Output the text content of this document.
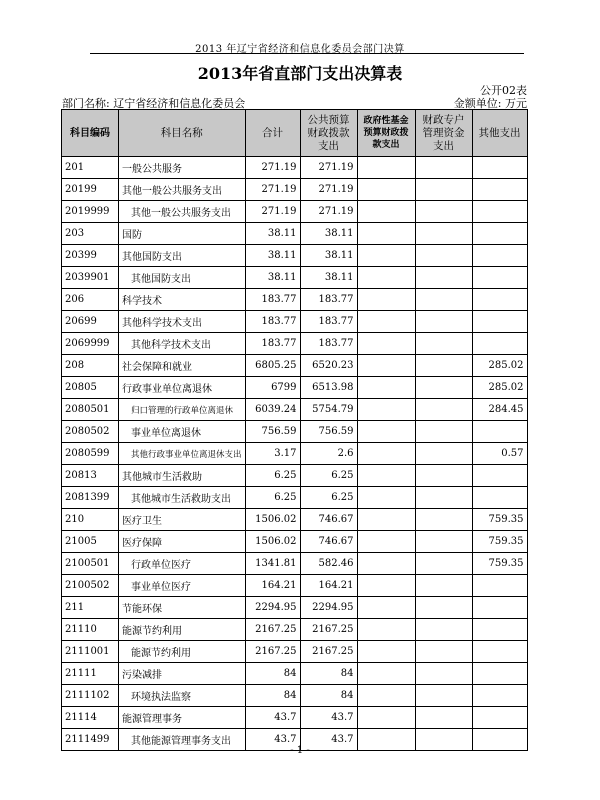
2013 年辽宁省经济和信息化委员会部门决算
2013年省直部门支出决算表
公开02表
部门名称: 辽宁省经济和信息化委员会	金额单位: 万元
科目编码	科目名称	合计	公共预算财政拨款支出	政府性基金预算财政拨款支出	财政专户管理资金支出	其他支出
201	一般公共服务	271.19	271.19			
20199	其他一般公共服务支出	271.19	271.19			
2019999	其他一般公共服务支出	271.19	271.19			
203	国防	38.11	38.11			
20399	其他国防支出	38.11	38.11			
2039901	其他国防支出	38.11	38.11			
206	科学技术	183.77	183.77			
20699	其他科学技术支出	183.77	183.77			
2069999	其他科学技术支出	183.77	183.77			
208	社会保障和就业	6805.25	6520.23			285.02
20805	行政事业单位离退休	6799	6513.98			285.02
2080501	归口管理的行政单位离退休	6039.24	5754.79			284.45
2080502	事业单位离退休	756.59	756.59			
2080599	其他行政事业单位离退休支出	3.17	2.6			0.57
20813	其他城市生活救助	6.25	6.25			
2081399	其他城市生活救助支出	6.25	6.25			
210	医疗卫生	1506.02	746.67			759.35
21005	医疗保障	1506.02	746.67			759.35
2100501	行政单位医疗	1341.81	582.46			759.35
2100502	事业单位医疗	164.21	164.21			
211	节能环保	2294.95	2294.95			
21110	能源节约利用	2167.25	2167.25			
2111001	能源节约利用	2167.25	2167.25			
21111	污染减排	84	84			
2111102	环境执法监察	84	84			
21114	能源管理事务	43.7	43.7			
2111499	其他能源管理事务支出	43.7	43.7			
- 1 -
